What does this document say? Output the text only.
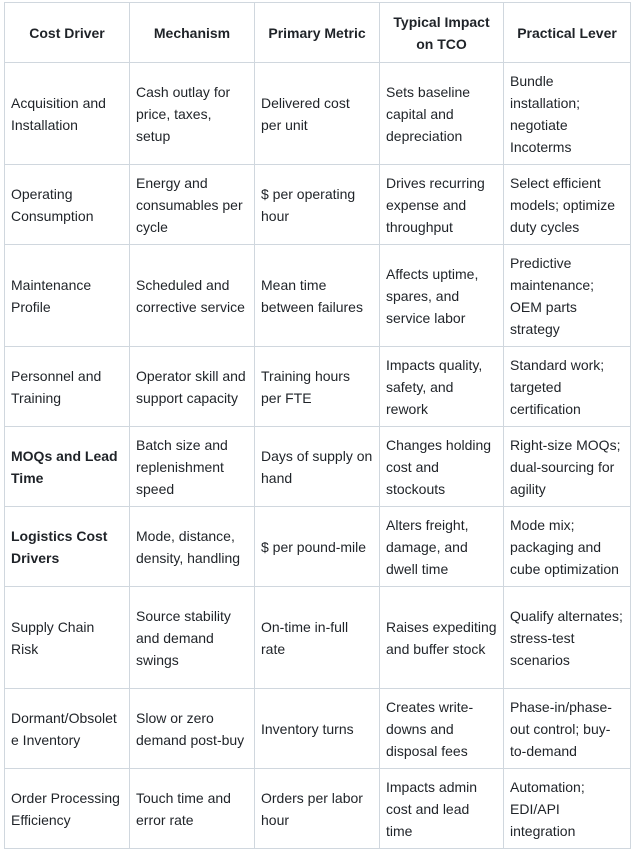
Cost Driver	Mechanism	Primary Metric	Typical Impact on TCO	Practical Lever
Acquisition and Installation	Cash outlay for price, taxes, setup	Delivered cost per unit	Sets baseline capital and depreciation	Bundle installation; negotiate Incoterms
Operating Consumption	Energy and consumables per cycle	$ per operating hour	Drives recurring expense and throughput	Select efficient models; optimize duty cycles
Maintenance Profile	Scheduled and corrective service	Mean time between failures	Affects uptime, spares, and service labor	Predictive maintenance; OEM parts strategy
Personnel and Training	Operator skill and support capacity	Training hours per FTE	Impacts quality, safety, and rework	Standard work; targeted certification
MOQs and Lead Time	Batch size and replenishment speed	Days of supply on hand	Changes holding cost and stockouts	Right-size MOQs; dual-sourcing for agility
Logistics Cost Drivers	Mode, distance, density, handling	$ per pound-mile	Alters freight, damage, and dwell time	Mode mix; packaging and cube optimization
Supply Chain Risk	Source stability and demand swings	On-time in-full rate	Raises expediting and buffer stock	Qualify alternates; stress-test scenarios
Dormant/Obsolete Inventory	Slow or zero demand post-buy	Inventory turns	Creates write-downs and disposal fees	Phase-in/phase-out control; buy-to-demand
Order Processing Efficiency	Touch time and error rate	Orders per labor hour	Impacts admin cost and lead time	Automation; EDI/API integration
